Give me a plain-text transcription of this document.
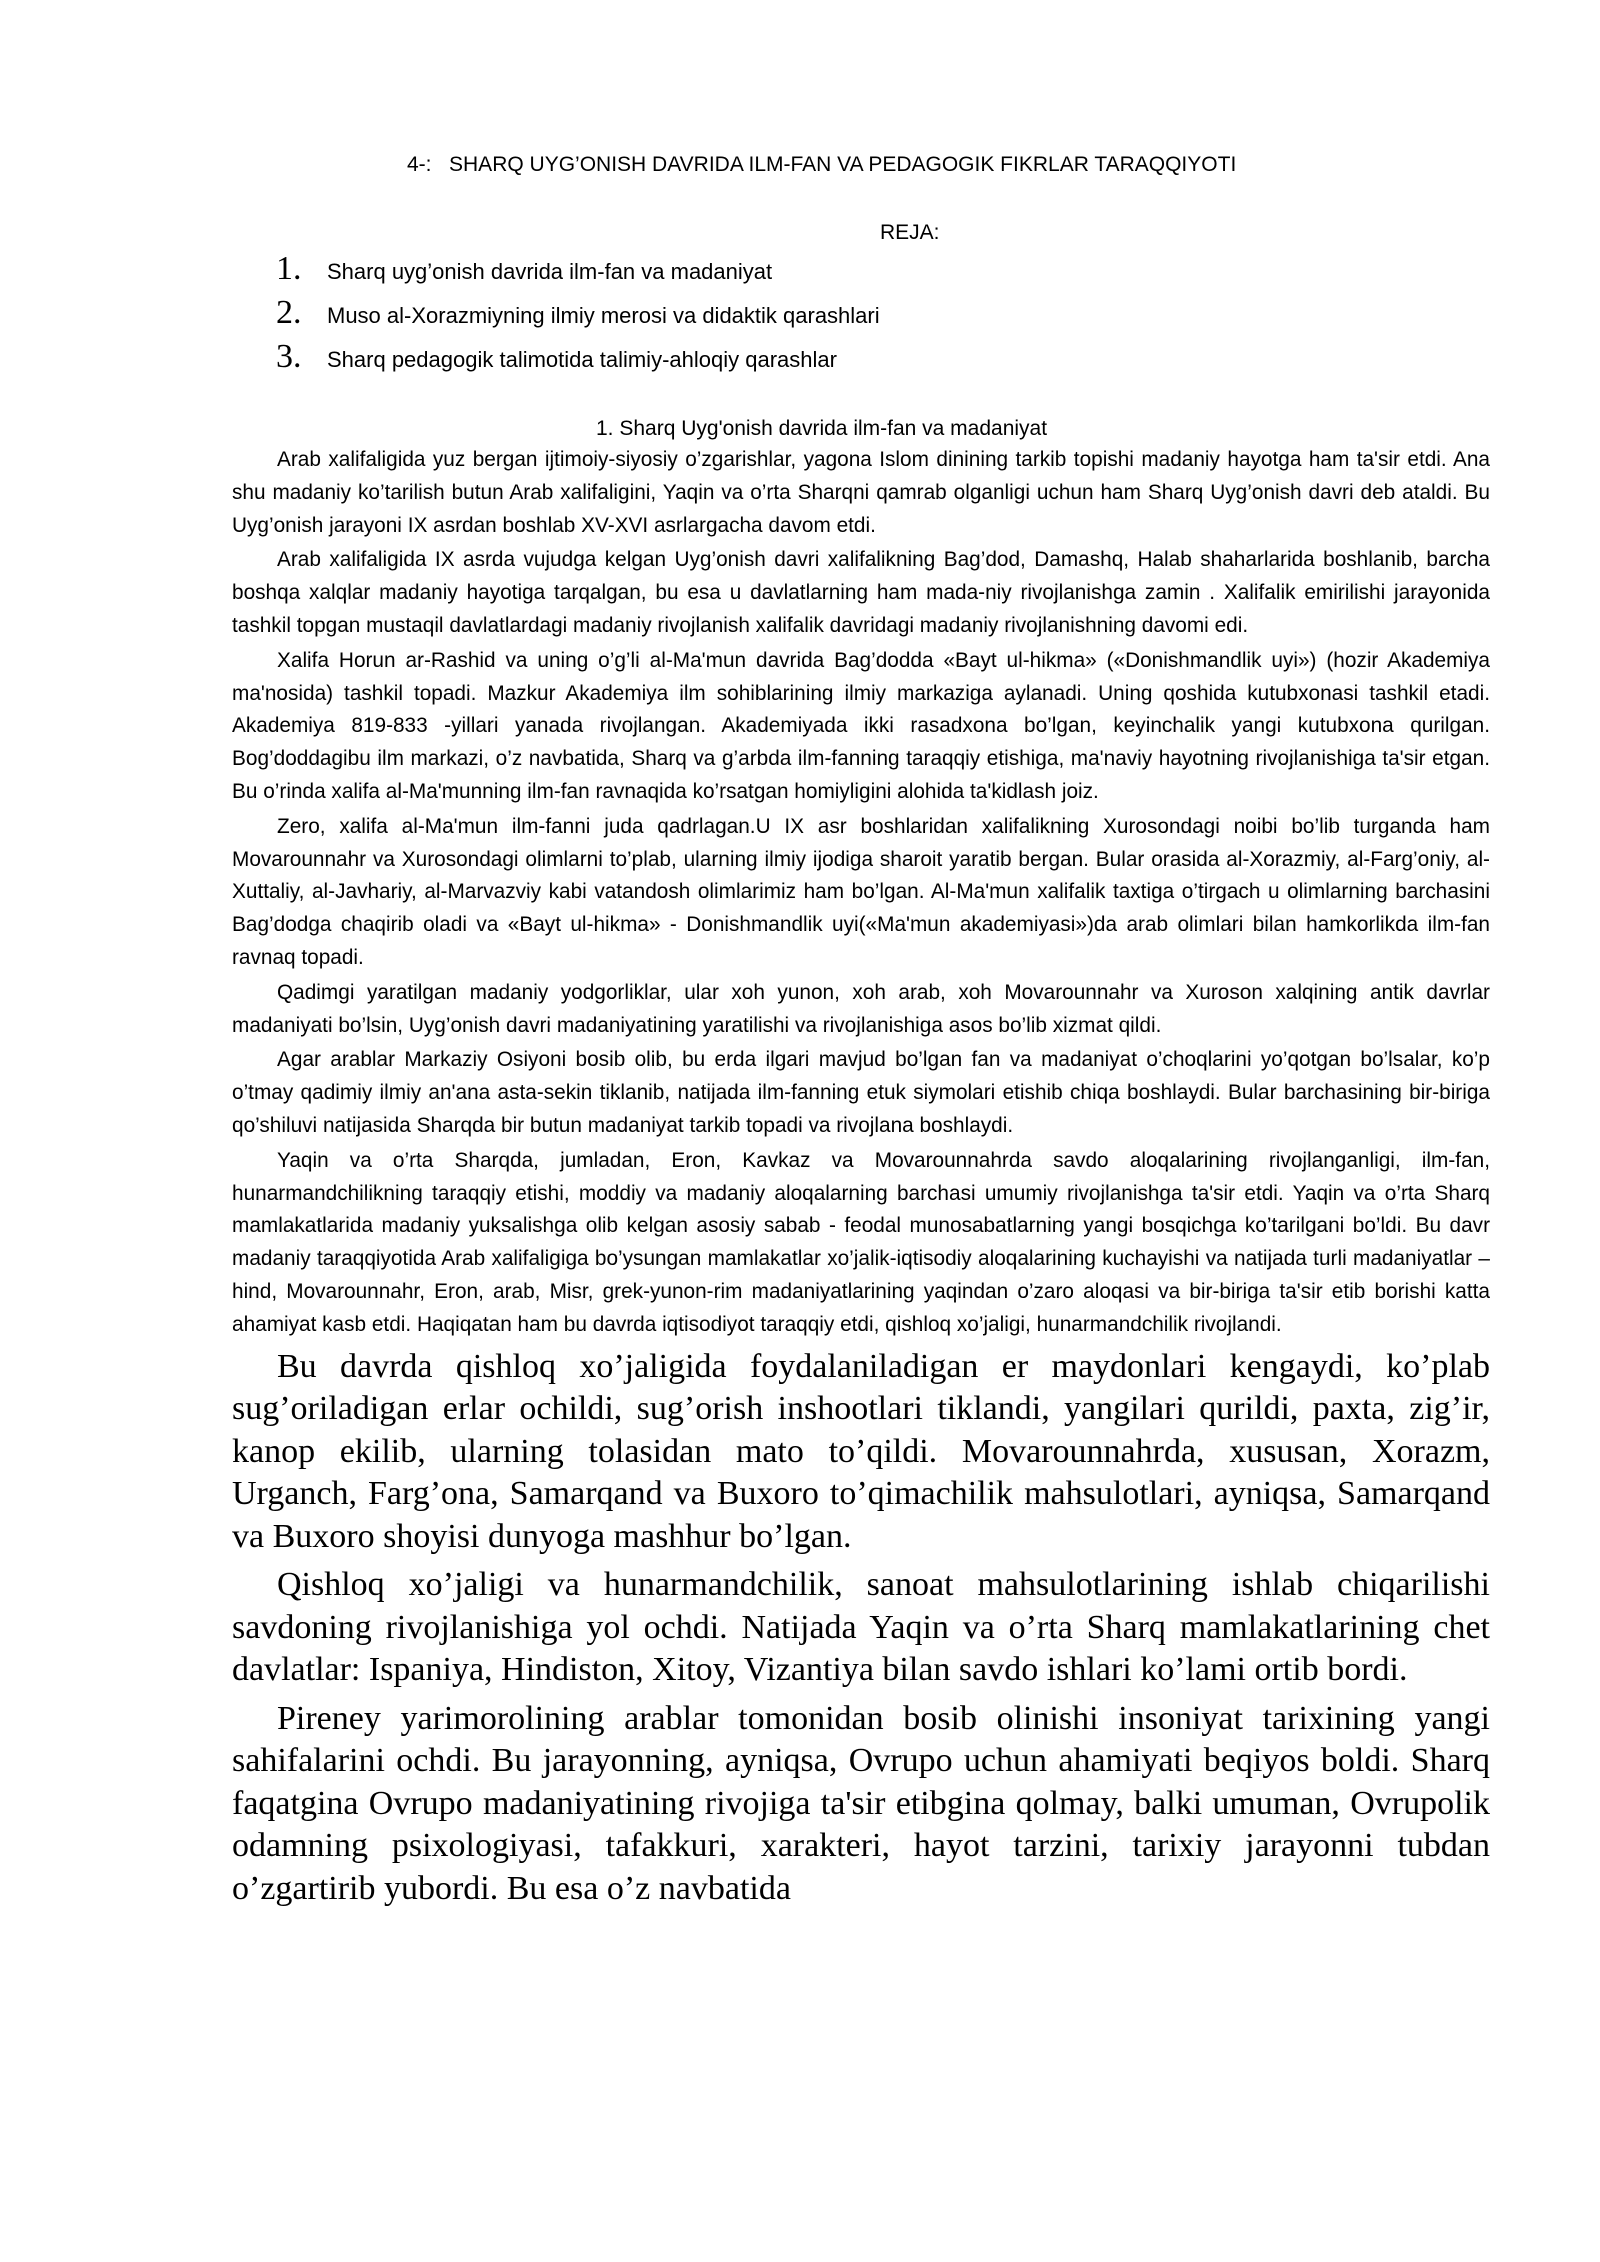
4-:   SHARQ UYG’ONISH DAVRIDA ILM-FAN VA PEDAGOGIK FIKRLAR TARAQQIYOTI
REJA:
1.	Sharq uyg’onish davrida ilm-fan va madaniyat
2.	Muso al-Xorazmiyning ilmiy merosi va didaktik qarashlari
3.	Sharq pedagogik talimotida talimiy-ahloqiy qarashlar
1. Sharq Uyg'onish davrida ilm-fan va madaniyat

Arab xalifaligida yuz bergan ijtimoiy-siyosiy o’zgarishlar, yagona Islom dinining tarkib topishi madaniy hayotga ham ta'sir etdi. Ana shu madaniy ko’tarilish butun Arab xalifaligini, Yaqin va o’rta Sharqni qamrab olganligi uchun ham Sharq Uyg’onish davri deb ataldi. Bu Uyg’onish jarayoni IX asrdan boshlab XV-XVI asrlargacha davom etdi.

Arab xalifaligida IX asrda vujudga kelgan Uyg’onish davri xalifalikning Bag’dod, Damashq, Halab shaharlarida boshlanib, barcha boshqa xalqlar madaniy hayotiga tarqalgan, bu esa u davlatlarning ham mada-niy rivojlanishga zamin . Xalifalik emirilishi jarayonida tashkil topgan mustaqil davlatlardagi madaniy rivojlanish xalifalik davridagi madaniy rivojlanishning davomi edi.

Xalifa Horun ar-Rashid va uning o’g’li al-Ma'mun davrida Bag’dodda «Bayt ul-hikma» («Donishmandlik uyi») (hozir Akademiya ma'nosida) tashkil topadi. Mazkur Akademiya ilm sohiblarining ilmiy markaziga aylanadi. Uning qoshida kutubxonasi tashkil etadi. Akademiya 819-833 -yillari yanada rivojlangan. Akademiyada ikki rasadxona bo’lgan, keyinchalik yangi kutubxona qurilgan. Bog’doddagibu ilm markazi, o’z navbatida, Sharq va g’arbda ilm-fanning taraqqiy etishiga, ma'naviy hayotning rivojlanishiga ta'sir etgan. Bu o’rinda xalifa al-Ma'munning ilm-fan ravnaqida ko’rsatgan homiyligini alohida ta'kidlash joiz.

Zero, xalifa al-Ma'mun ilm-fanni juda qadrlagan.U IX asr boshlaridan xalifalikning Xurosondagi noibi bo’lib turganda ham Movarounnahr va Xurosondagi olimlarni to’plab, ularning ilmiy ijodiga sharoit yaratib bergan. Bular orasida al-Xorazmiy, al-Farg’oniy, al-Xuttaliy, al-Javhariy, al-Marvazviy kabi vatandosh olimlarimiz ham bo’lgan. Al-Ma'mun xalifalik taxtiga o’tirgach u olimlarning barchasini Bag’dodga chaqirib oladi va «Bayt ul-hikma» - Donishmandlik uyi(«Ma'mun akademiyasi»)da arab olimlari bilan hamkorlikda ilm-fan ravnaq topadi.

Qadimgi yaratilgan madaniy yodgorliklar, ular xoh yunon, xoh arab, xoh Movarounnahr va Xuroson xalqining antik davrlar madaniyati bo’lsin, Uyg’onish davri madaniyatining yaratilishi va rivojlanishiga asos bo’lib xizmat qildi.

Agar arablar Markaziy Osiyoni bosib olib, bu erda ilgari mavjud bo’lgan fan va madaniyat o’choqlarini yo’qotgan bo’lsalar, ko’p o’tmay qadimiy ilmiy an'ana asta-sekin tiklanib, natijada ilm-fanning etuk siymolari etishib chiqa boshlaydi. Bular barchasining bir-biriga qo’shiluvi natijasida Sharqda bir butun madaniyat tarkib topadi va rivojlana boshlaydi.

Yaqin va o’rta Sharqda, jumladan, Eron, Kavkaz va Movarounnahrda savdo aloqalarining rivojlanganligi, ilm-fan, hunarmandchilikning taraqqiy etishi, moddiy va madaniy aloqalarning barchasi umumiy rivojlanishga ta'sir etdi. Yaqin va o’rta Sharq mamlakatlarida madaniy yuksalishga olib kelgan asosiy sabab - feodal munosabatlarning yangi bosqichga ko’tarilgani bo’ldi. Bu davr madaniy taraqqiyotida Arab xalifaligiga bo’ysungan mamlakatlar xo’jalik-iqtisodiy aloqalarining kuchayishi va natijada turli madaniyatlar – hind, Movarounnahr, Eron, arab, Misr, grek-yunon-rim madaniyatlarining yaqindan o’zaro aloqasi va bir-biriga ta'sir etib borishi katta ahamiyat kasb etdi. Haqiqatan ham bu davrda iqtisodiyot taraqqiy etdi, qishloq xo’jaligi, hunarmandchilik rivojlandi.

Bu davrda qishloq xo’jaligida foydalaniladigan er maydonlari kengaydi, ko’plab sug’oriladigan erlar ochildi, sug’orish inshootlari tiklandi, yangilari qurildi, paxta, zig’ir, kanop ekilib, ularning tolasidan mato to’qildi. Movarounnahrda, xususan, Xorazm, Urganch, Farg’ona, Samarqand va Buxoro to’qimachilik mahsulotlari, ayniqsa, Samarqand va Buxoro shoyisi dunyoga mashhur bo’lgan.

Qishloq xo’jaligi va hunarmandchilik, sanoat mahsulotlarining ishlab chiqarilishi savdoning rivojlanishiga yol ochdi. Natijada Yaqin va o’rta Sharq mamlakatlarining chet davlatlar: Ispaniya, Hindiston, Xitoy, Vizantiya bilan savdo ishlari ko’lami ortib bordi.

Pireney yarimorolining arablar tomonidan bosib olinishi insoniyat tarixining yangi sahifalarini ochdi. Bu jarayonning, ayniqsa, Ovrupo uchun ahamiyati beqiyos boldi. Sharq faqatgina Ovrupo madaniyatining rivojiga ta'sir etibgina qolmay, balki umuman, Ovrupolik odamning psixologiyasi, tafakkuri, xarakteri, hayot tarzini, tarixiy jarayonni tubdan o’zgartirib yubordi. Bu esa o’z navbatida
